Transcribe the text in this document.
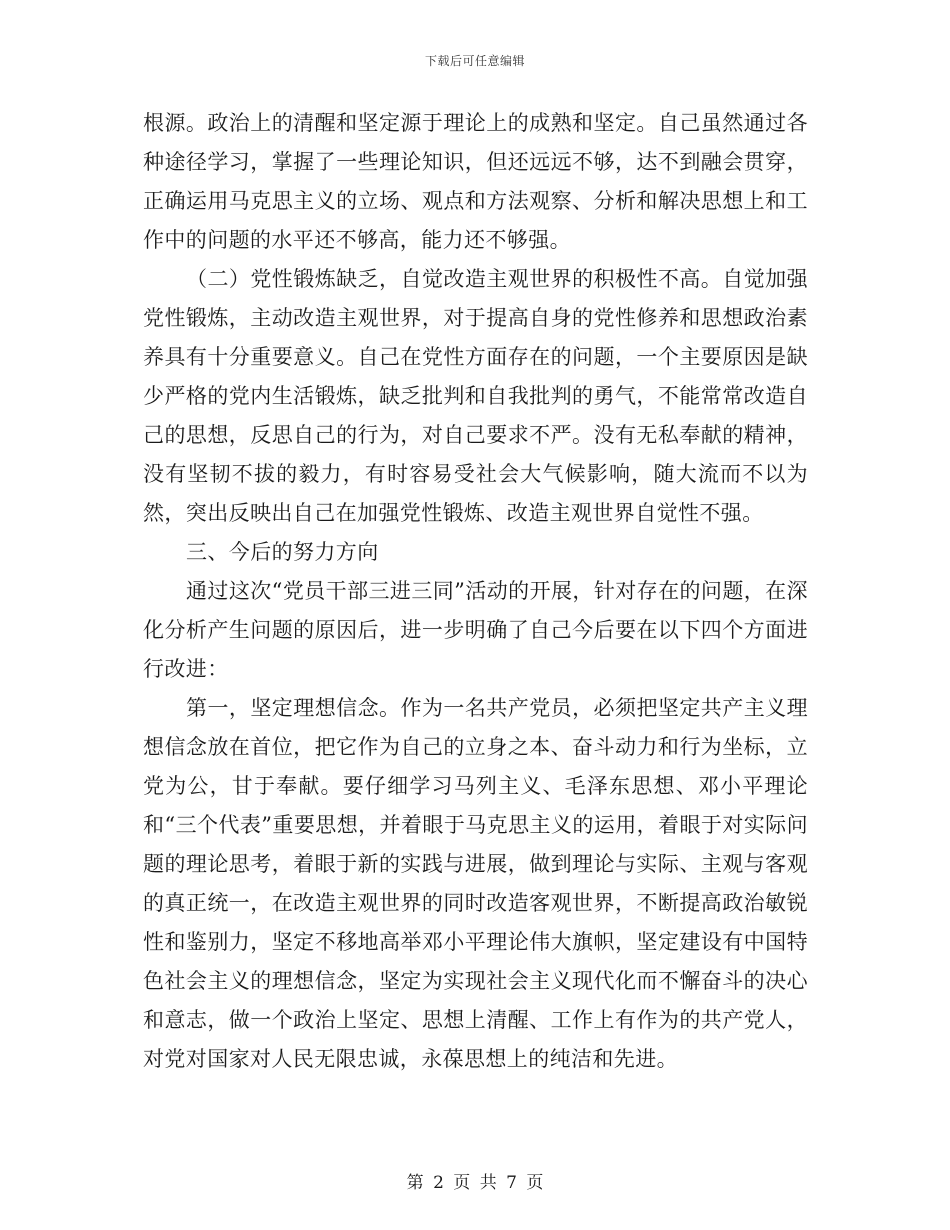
下载后可任意编辑

根源。政治上的清醒和坚定源于理论上的成熟和坚定。自己虽然通过各种途径学习，掌握了一些理论知识，但还远远不够，达不到融会贯穿，正确运用马克思主义的立场、观点和方法观察、分析和解决思想上和工作中的问题的水平还不够高，能力还不够强。

（二）党性锻炼缺乏，自觉改造主观世界的积极性不高。自觉加强党性锻炼，主动改造主观世界，对于提高自身的党性修养和思想政治素养具有十分重要意义。自己在党性方面存在的问题，一个主要原因是缺少严格的党内生活锻炼，缺乏批判和自我批判的勇气，不能常常改造自己的思想，反思自己的行为，对自己要求不严。没有无私奉献的精神，没有坚韧不拔的毅力，有时容易受社会大气候影响，随大流而不以为然，突出反映出自己在加强党性锻炼、改造主观世界自觉性不强。

三、今后的努力方向

通过这次“党员干部三进三同”活动的开展，针对存在的问题，在深化分析产生问题的原因后，进一步明确了自己今后要在以下四个方面进行改进：

第一，坚定理想信念。作为一名共产党员，必须把坚定共产主义理想信念放在首位，把它作为自己的立身之本、奋斗动力和行为坐标，立党为公，甘于奉献。要仔细学习马列主义、毛泽东思想、邓小平理论和“三个代表”重要思想，并着眼于马克思主义的运用，着眼于对实际问题的理论思考，着眼于新的实践与进展，做到理论与实际、主观与客观的真正统一，在改造主观世界的同时改造客观世界，不断提高政治敏锐性和鉴别力，坚定不移地高举邓小平理论伟大旗帜，坚定建设有中国特色社会主义的理想信念，坚定为实现社会主义现代化而不懈奋斗的决心和意志，做一个政治上坚定、思想上清醒、工作上有作为的共产党人，对党对国家对人民无限忠诚，永葆思想上的纯洁和先进。

第 2 页 共 7 页
